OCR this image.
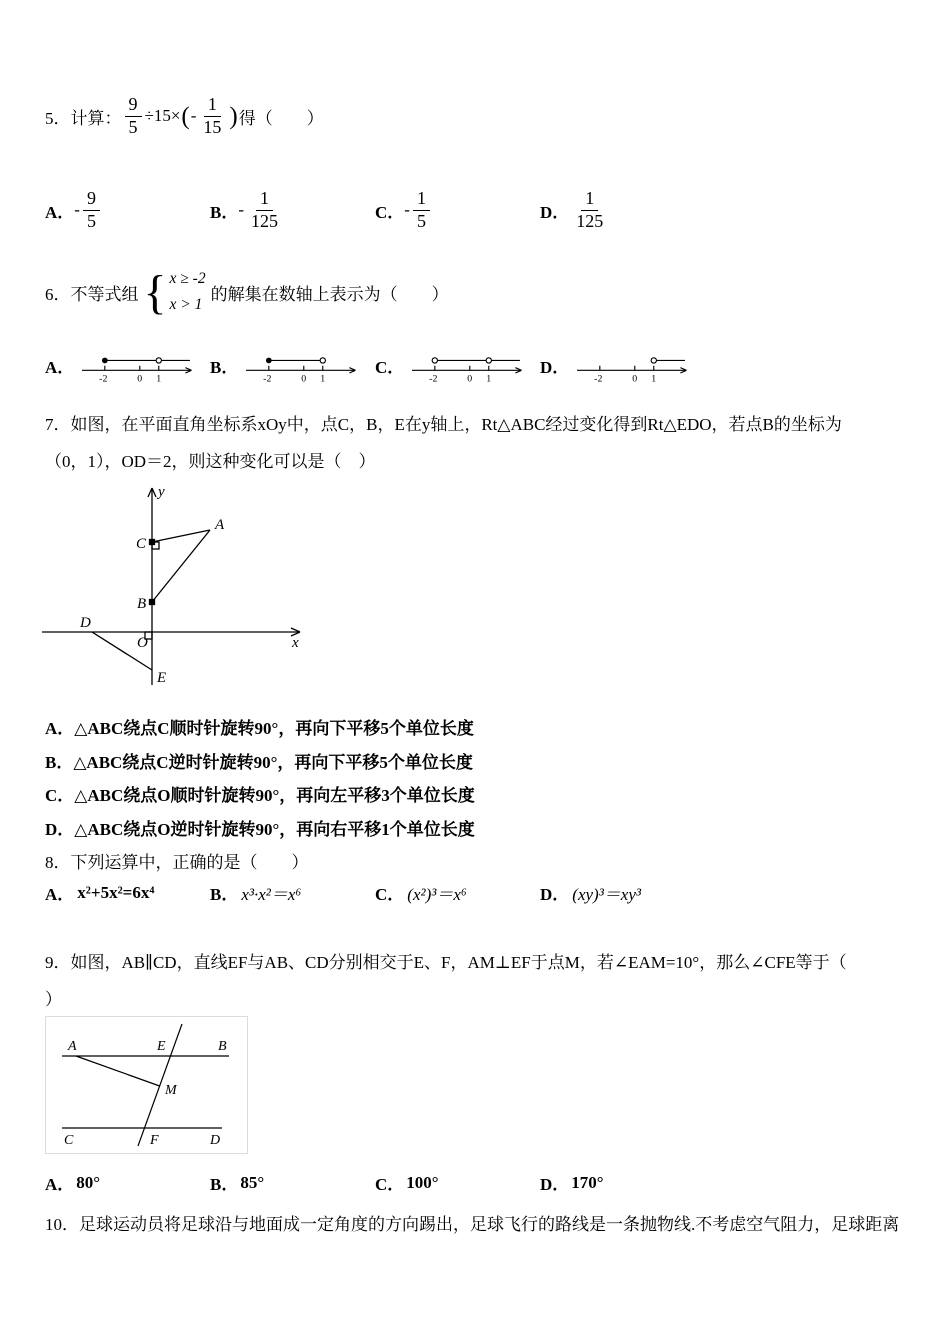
5．计算： $\frac{9}{5} \div 15\times$ ( - $\frac{1}{15}$ ) 得（　　）
A． - $\frac{9}{5}$	B． - $\frac{1}{125}$	C． - $\frac{1}{5}$	D． $\frac{1}{125}$
6．不等式组 { x ≥ -2
x > 1
的解集在数轴上表示为（　　）
A．
-2 0 1
B．
-2 0 1
C．
-2 0 1
D．
-2 0 1
7．如图，在平面直角坐标系xOy中，点C，B，E在y轴上，Rt△ABC经过变化得到Rt△EDO，若点B的坐标为
（0，1），OD＝2，则这种变化可以是（　）
y
x
O
A
B
C
D
E
A．△ABC绕点C顺时针旋转90°，再向下平移5个单位长度
B．△ABC绕点C逆时针旋转90°，再向下平移5个单位长度
C．△ABC绕点O顺时针旋转90°，再向左平移3个单位长度
D．△ABC绕点O逆时针旋转90°，再向右平移1个单位长度
8．下列运算中，正确的是（　　）
A． x²+5x²=6x⁴	B． x³·x²＝x⁶	C． (x²)³＝x⁶	D． (xy)³＝xy³
9．如图，AB∥CD，直线EF与AB、CD分别相交于E、F，AM⊥EF于点M，若∠EAM=10°，那么∠CFE等于（
）
A	E	B
M
C	F	D
A． 80°	B． 85°	C． 100°	D． 170°
10．足球运动员将足球沿与地面成一定角度的方向踢出，足球飞行的路线是一条抛物线.不考虑空气阻力，足球距离
